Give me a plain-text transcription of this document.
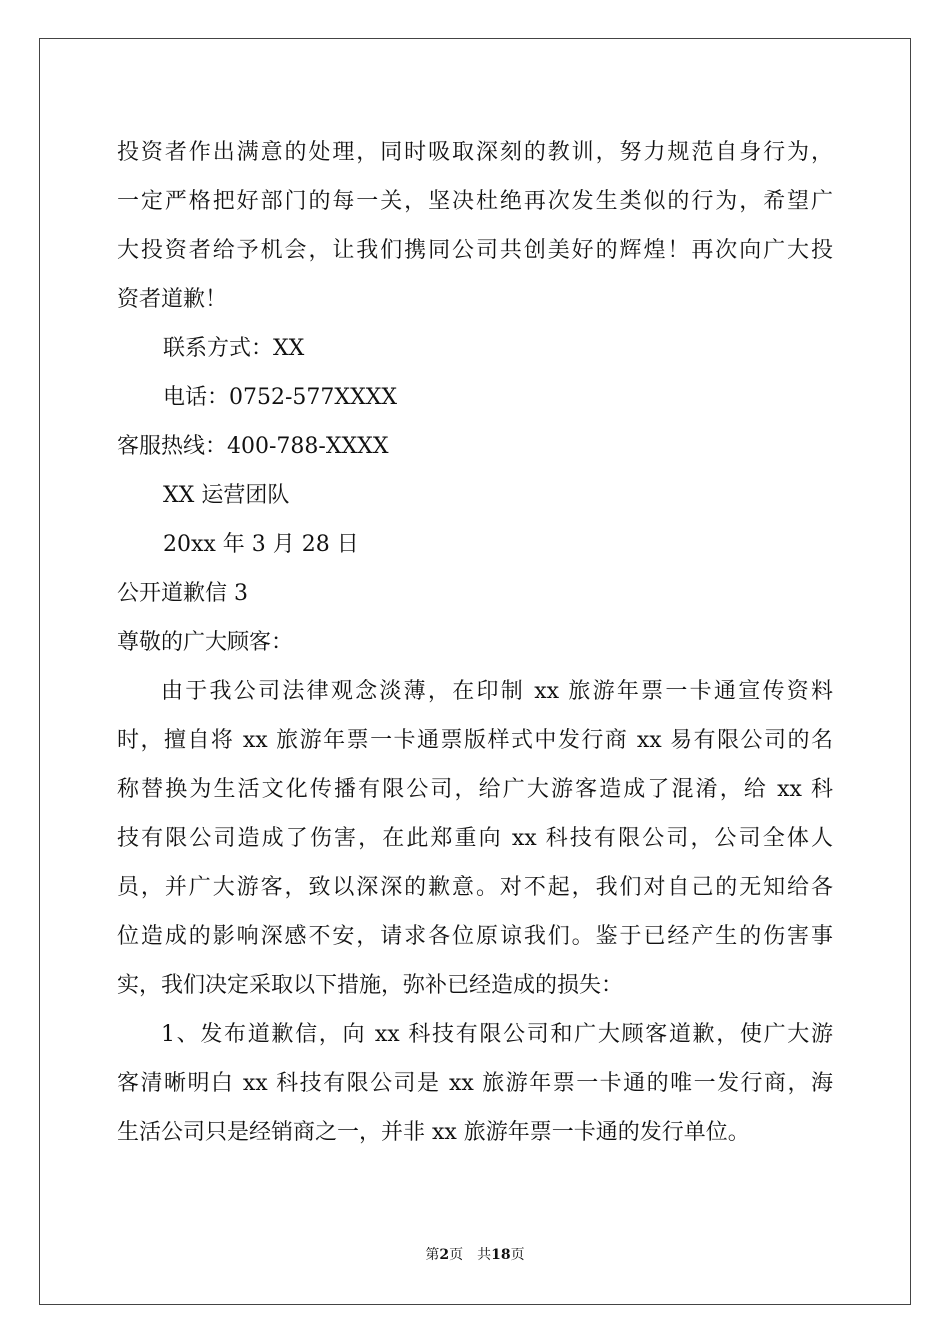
投资者作出满意的处理，同时吸取深刻的教训，努力规范自身行为，
一定严格把好部门的每一关，坚决杜绝再次发生类似的行为，希望广
大投资者给予机会，让我们携同公司共创美好的辉煌！再次向广大投
资者道歉！
联系方式：XX
电话：0752-577XXXX
客服热线：400-788-XXXX
XX 运营团队
20xx 年 3 月 28 日
公开道歉信 3
尊敬的广大顾客：
由于我公司法律观念淡薄，在印制 xx 旅游年票一卡通宣传资料
时，擅自将 xx 旅游年票一卡通票版样式中发行商 xx 易有限公司的名
称替换为生活文化传播有限公司，给广大游客造成了混淆，给 xx 科
技有限公司造成了伤害，在此郑重向 xx 科技有限公司，公司全体人
员，并广大游客，致以深深的歉意。对不起，我们对自己的无知给各
位造成的影响深感不安，请求各位原谅我们。鉴于已经产生的伤害事
实，我们决定采取以下措施，弥补已经造成的损失：
1、发布道歉信，向 xx 科技有限公司和广大顾客道歉，使广大游
客清晰明白 xx 科技有限公司是 xx 旅游年票一卡通的唯一发行商，海
生活公司只是经销商之一，并非 xx 旅游年票一卡通的发行单位。
第2页 共18页
